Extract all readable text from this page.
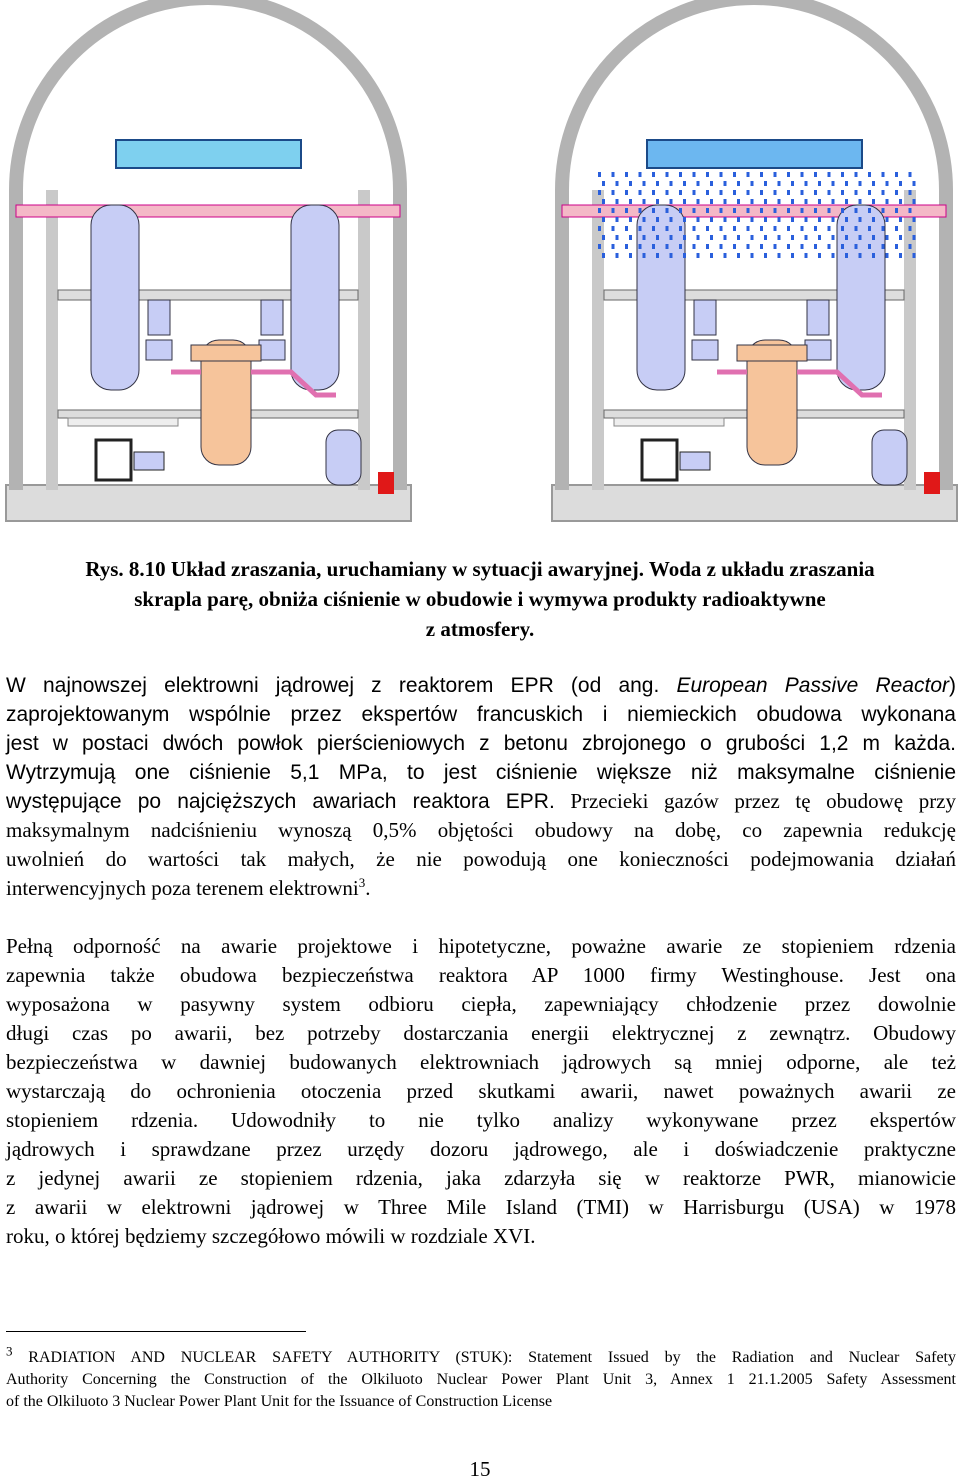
Rys. 8.10 Układ zraszania, uruchamiany w sytuacji awaryjnej. Woda z układu zraszania
skrapla parę, obniża ciśnienie w obudowie i wymywa produkty radioaktywne
z atmosfery.
W najnowszej elektrowni jądrowej z reaktorem EPR (od ang. European Passive Reactor)
zaprojektowanym wspólnie przez ekspertów francuskich i niemieckich obudowa wykonana
jest w postaci dwóch powłok pierścieniowych z betonu zbrojonego o grubości 1,2 m każda.
Wytrzymują one ciśnienie 5,1 MPa, to jest ciśnienie większe niż maksymalne ciśnienie
występujące po najcięższych awariach reaktora EPR. Przecieki gazów przez tę obudowę przy
maksymalnym nadciśnieniu wynoszą 0,5% objętości obudowy na dobę, co zapewnia redukcję
uwolnień do wartości tak małych, że nie powodują one konieczności podejmowania działań
interwencyjnych poza terenem elektrowni$^3$.
Pełną odporność na awarie projektowe i hipotetyczne, poważne awarie ze stopieniem rdzenia
zapewnia także obudowa bezpieczeństwa reaktora AP 1000 firmy Westinghouse. Jest ona
wyposażona w pasywny system odbioru ciepła, zapewniający chłodzenie przez dowolnie
długi czas po awarii, bez potrzeby dostarczania energii elektrycznej z zewnątrz. Obudowy
bezpieczeństwa w dawniej budowanych elektrowniach jądrowych są mniej odporne, ale też
wystarczają do ochronienia otoczenia przed skutkami awarii, nawet poważnych awarii ze
stopieniem rdzenia. Udowodniły to nie tylko analizy wykonywane przez ekspertów
jądrowych i sprawdzane przez urzędy dozoru jądrowego, ale i doświadczenie praktyczne
z jedynej awarii ze stopieniem rdzenia, jaka zdarzyła się w reaktorze PWR, mianowicie
z awarii w elektrowni jądrowej w Three Mile Island (TMI) w Harrisburgu (USA) w 1978
roku, o której będziemy szczegółowo mówili w rozdziale XVI.
$^3$ RADIATION AND NUCLEAR SAFETY AUTHORITY (STUK): Statement Issued by the Radiation and Nuclear Safety
Authority Concerning the Construction of the Olkiluoto Nuclear Power Plant Unit 3, Annex 1 21.1.2005 Safety Assessment
of the Olkiluoto 3 Nuclear Power Plant Unit for the Issuance of Construction License
15
